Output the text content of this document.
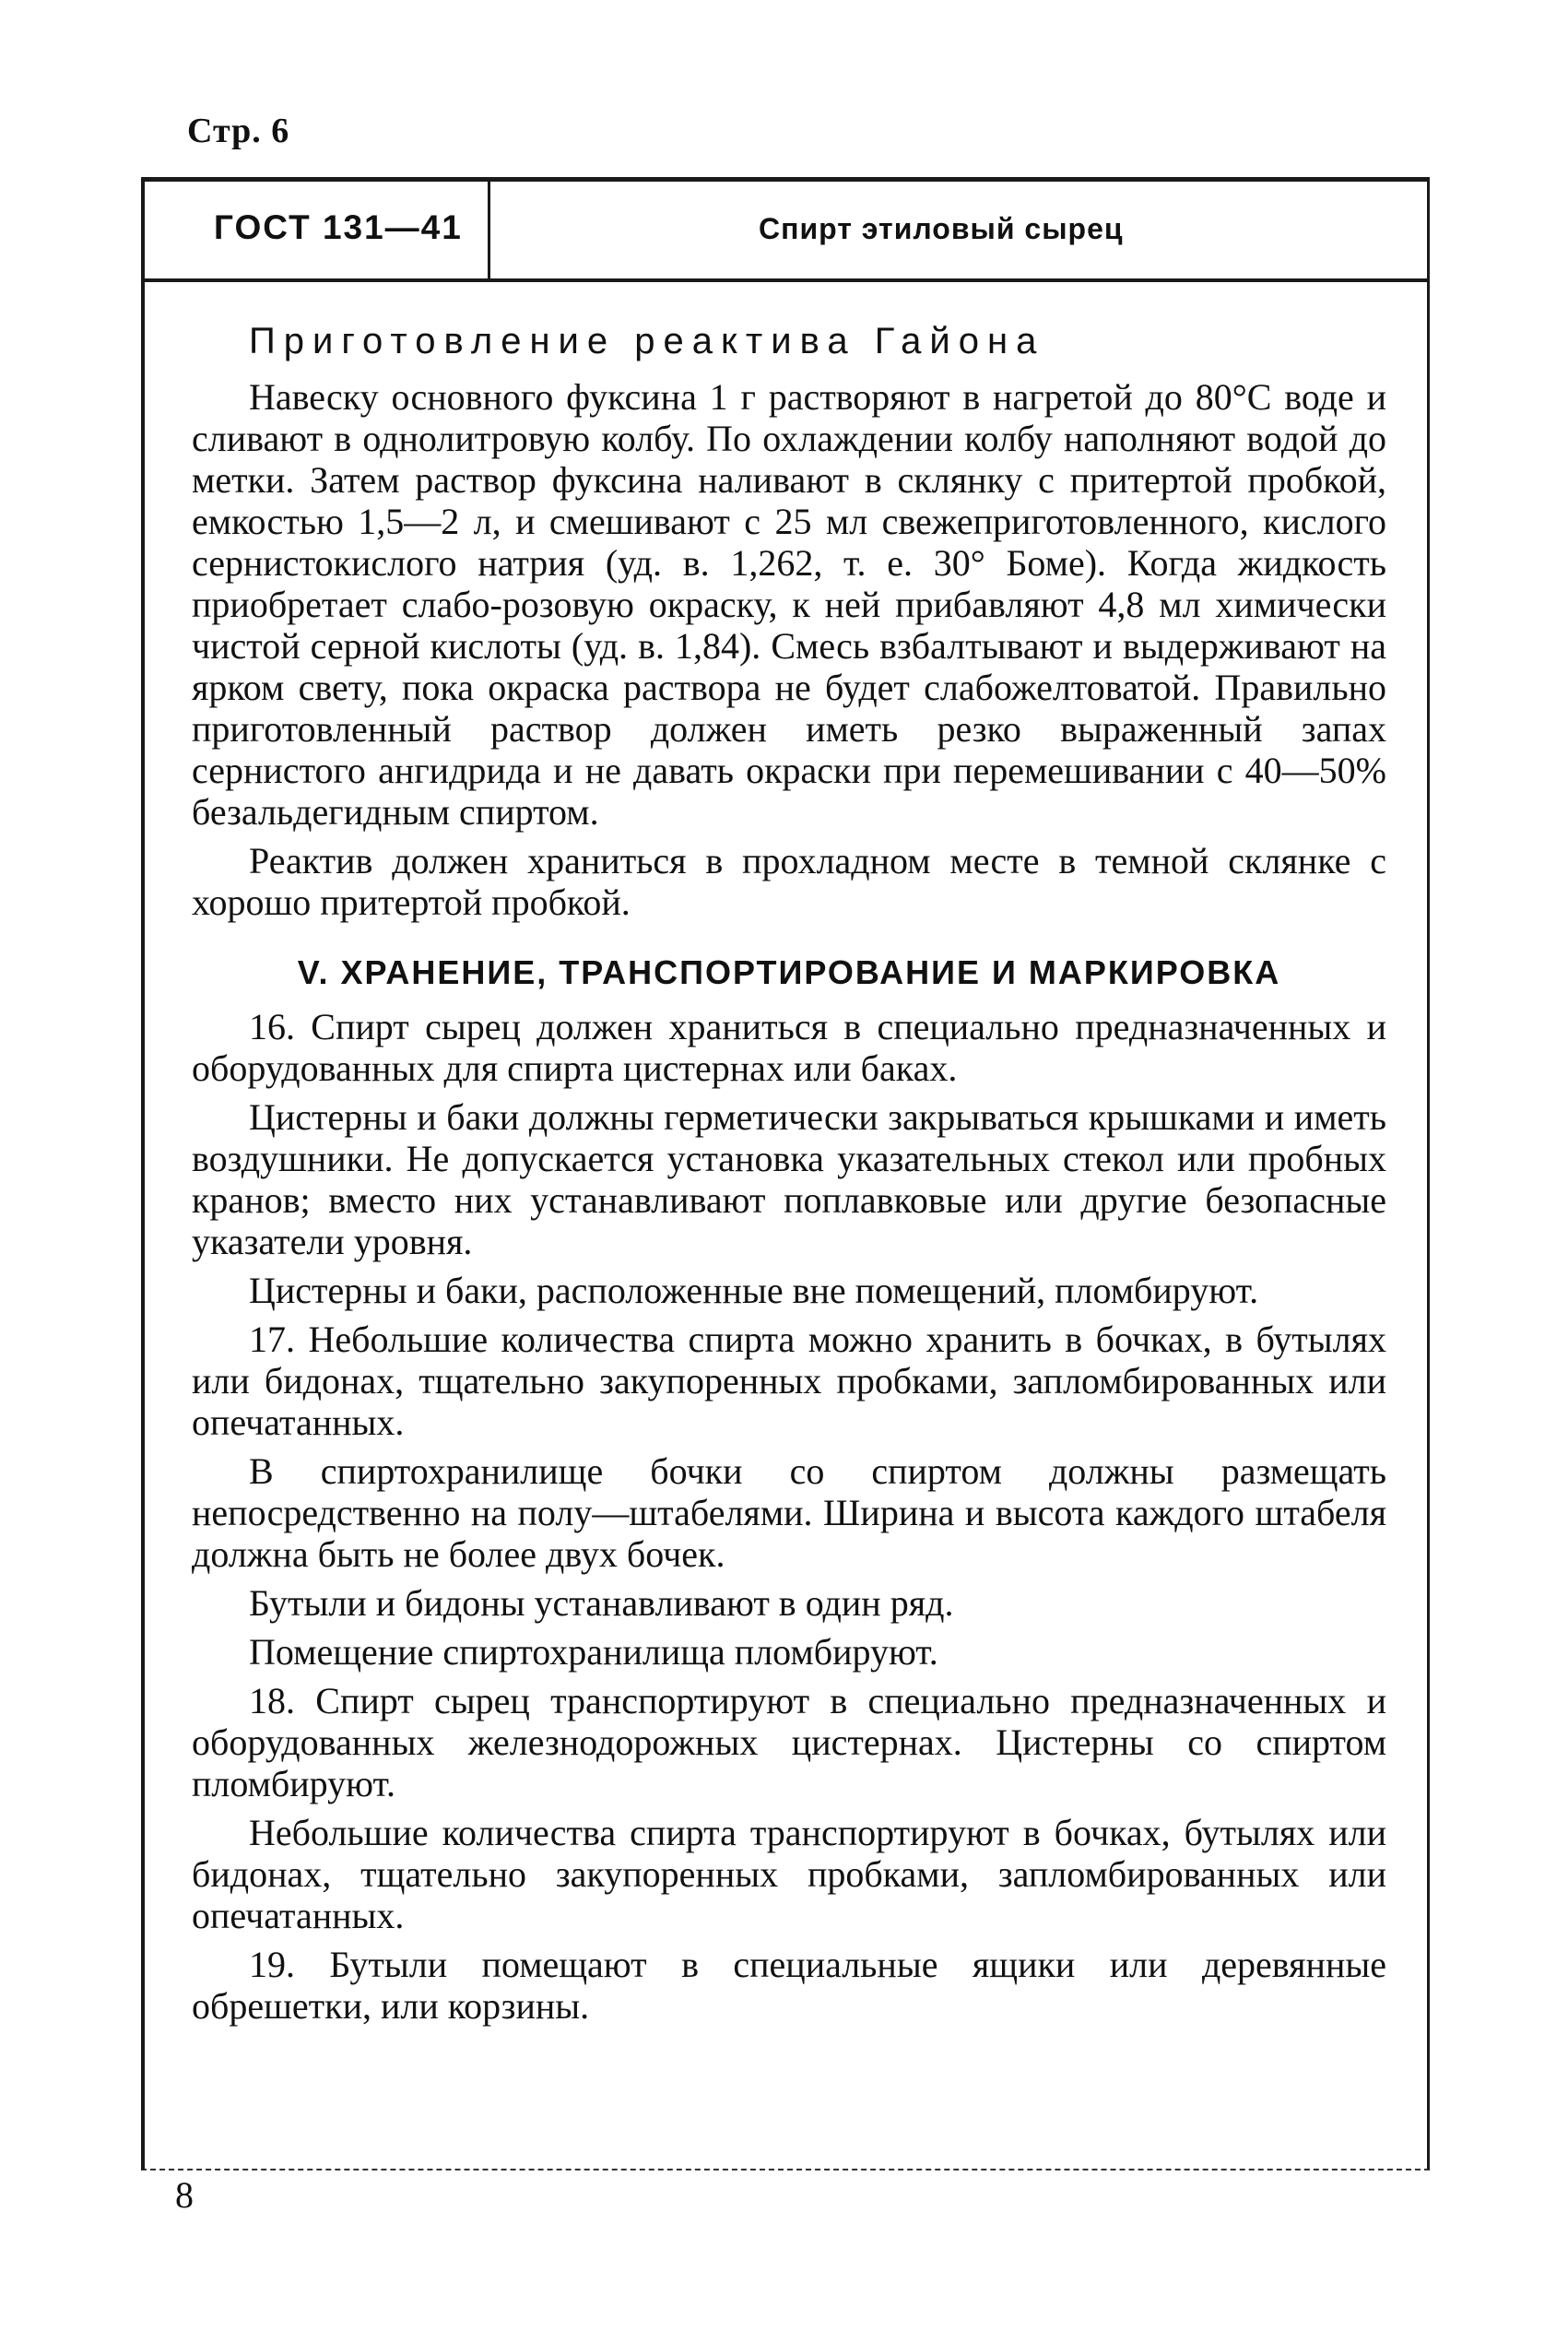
Стр. 6
ГОСТ 131—41	Спирт этиловый сырец
Приготовление реактива Гайона

Навеску основного фуксина 1 г растворяют в нагретой до 80°С воде и сливают в однолитровую колбу. По охлаждении колбу наполняют водой до метки. Затем раствор фуксина наливают в склянку с притертой пробкой, емкостью 1,5—2 л, и смешивают с 25 мл свежеприготовленного, кислого сернистокислого натрия (уд. в. 1,262, т. е. 30° Боме). Когда жидкость приобретает слабо-розовую окраску, к ней прибавляют 4,8 мл химически чистой серной кислоты (уд. в. 1,84). Смесь взбалтывают и выдерживают на ярком свету, пока окраска раствора не будет слабожелтоватой. Правильно приготовленный раствор должен иметь резко выраженный запах сернистого ангидрида и не давать окраски при перемешивании с 40—50% безальдегидным спиртом.

Реактив должен храниться в прохладном месте в темной склянке с хорошо притертой пробкой.

V. ХРАНЕНИЕ, ТРАНСПОРТИРОВАНИЕ И МАРКИРОВКА

16. Спирт сырец должен храниться в специально предназначенных и оборудованных для спирта цистернах или баках.

Цистерны и баки должны герметически закрываться крышками и иметь воздушники. Не допускается установка указательных стекол или пробных кранов; вместо них устанавливают поплавковые или другие безопасные указатели уровня.

Цистерны и баки, расположенные вне помещений, пломбируют.

17. Небольшие количества спирта можно хранить в бочках, в бутылях или бидонах, тщательно закупоренных пробками, запломбированных или опечатанных.

В спиртохранилище бочки со спиртом должны размещать непосредственно на полу—штабелями. Ширина и высота каждого штабеля должна быть не более двух бочек.

Бутыли и бидоны устанавливают в один ряд.

Помещение спиртохранилища пломбируют.

18. Спирт сырец транспортируют в специально предназначенных и оборудованных железнодорожных цистернах. Цистерны со спиртом пломбируют.

Небольшие количества спирта транспортируют в бочках, бутылях или бидонах, тщательно закупоренных пробками, запломбированных или опечатанных.

19. Бутыли помещают в специальные ящики или деревянные обрешетки, или корзины.

8
